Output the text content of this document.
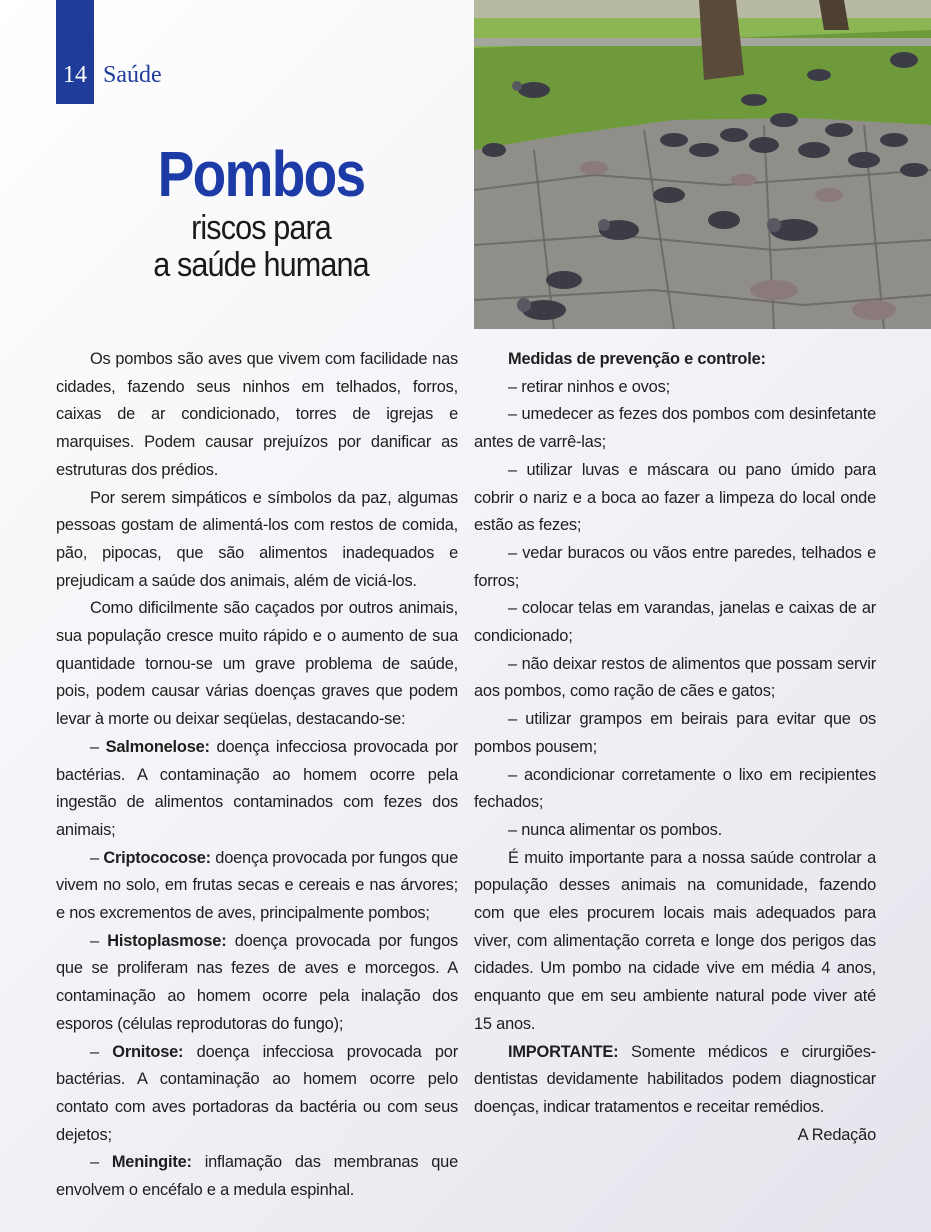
14 Saúde
Pombos
riscos para
a saúde humana

Os pombos são aves que vivem com facilidade nas cidades, fazendo seus ninhos em telhados, forros, caixas de ar condicionado, torres de igrejas e marquises. Podem causar prejuízos por danificar as estruturas dos prédios.

Por serem simpáticos e símbolos da paz, algumas pessoas gostam de alimentá-los com restos de comida, pão, pipocas, que são alimentos inadequados e prejudicam a saúde dos animais, além de viciá-los.

Como dificilmente são caçados por outros animais, sua população cresce muito rápido e o aumento de sua quantidade tornou-se um grave problema de saúde, pois, podem causar várias doenças graves que podem levar à morte ou deixar seqüelas, destacando-se:

– Salmonelose: doença infecciosa provocada por bactérias. A contaminação ao homem ocorre pela ingestão de alimentos contaminados com fezes dos animais;

– Criptococose: doença provocada por fungos que vivem no solo, em frutas secas e cereais e nas árvores; e nos excrementos de aves, principalmente pombos;

– Histoplasmose: doença provocada por fungos que se proliferam nas fezes de aves e morcegos. A contaminação ao homem ocorre pela inalação dos esporos (células reprodutoras do fungo);

– Ornitose: doença infecciosa provocada por bactérias. A contaminação ao homem ocorre pelo contato com aves portadoras da bactéria ou com seus dejetos;

– Meningite: inflamação das membranas que envolvem o encéfalo e a medula espinhal.

Medidas de prevenção e controle:

– retirar ninhos e ovos;

– umedecer as fezes dos pombos com desinfetante antes de varrê-las;

– utilizar luvas e máscara ou pano úmido para cobrir o nariz e a boca ao fazer a limpeza do local onde estão as fezes;

– vedar buracos ou vãos entre paredes, telhados e forros;

– colocar telas em varandas, janelas e caixas de ar condicionado;

– não deixar restos de alimentos que possam servir aos pombos, como ração de cães e gatos;

– utilizar grampos em beirais para evitar que os pombos pousem;

– acondicionar corretamente o lixo em recipientes fechados;

– nunca alimentar os pombos.

É muito importante para a nossa saúde controlar a população desses animais na comunidade, fazendo com que eles procurem locais mais adequados para viver, com alimentação correta e longe dos perigos das cidades. Um pombo na cidade vive em média 4 anos, enquanto que em seu ambiente natural pode viver até 15 anos.

IMPORTANTE: Somente médicos e cirurgiões-dentistas devidamente habilitados podem diagnosticar doenças, indicar tratamentos e receitar remédios.

A Redação
